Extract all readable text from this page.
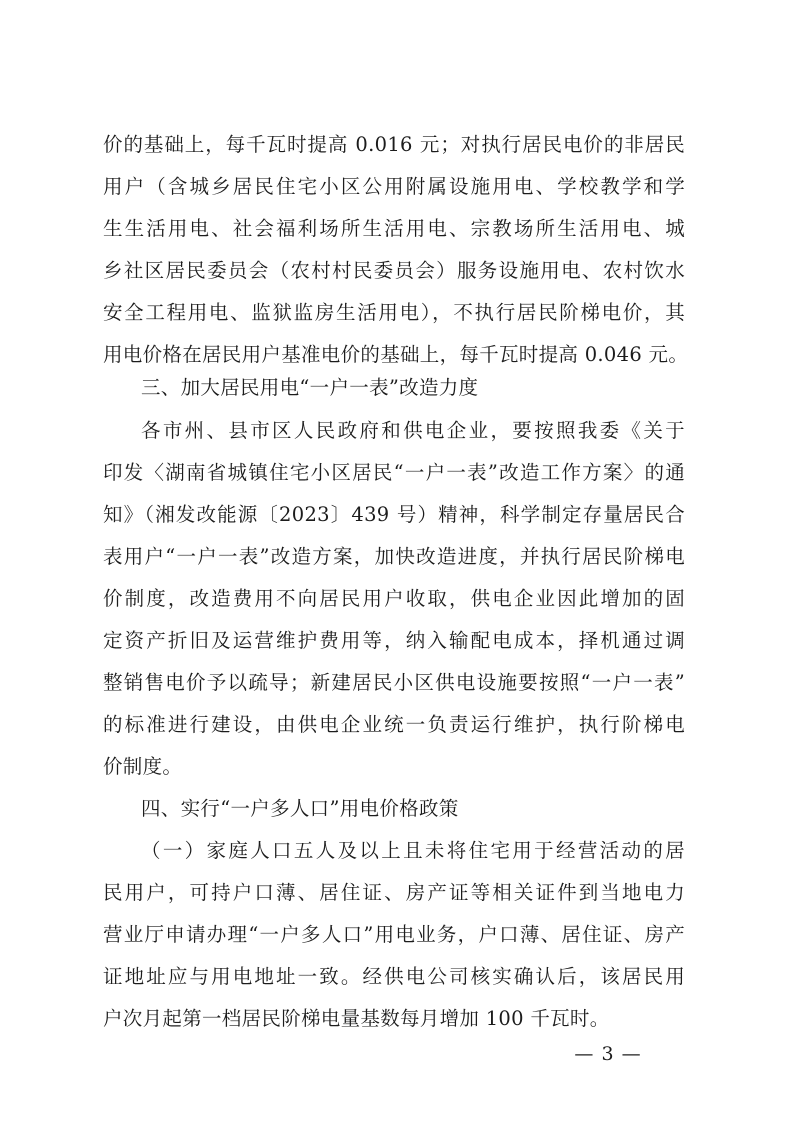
价的基础上，每千瓦时提高 0.016 元；对执行居民电价的非居民
用户（含城乡居民住宅小区公用附属设施用电、学校教学和学
生生活用电、社会福利场所生活用电、宗教场所生活用电、城
乡社区居民委员会（农村村民委员会）服务设施用电、农村饮水
安全工程用电、监狱监房生活用电），不执行居民阶梯电价，其
用电价格在居民用户基准电价的基础上，每千瓦时提高 0.046 元。
三、加大居民用电“一户一表”改造力度
各市州、县市区人民政府和供电企业，要按照我委《关于
印发〈湖南省城镇住宅小区居民“一户一表”改造工作方案〉的通
知》（湘发改能源〔2023〕439 号）精神，科学制定存量居民合
表用户“一户一表”改造方案，加快改造进度，并执行居民阶梯电
价制度，改造费用不向居民用户收取，供电企业因此增加的固
定资产折旧及运营维护费用等，纳入输配电成本，择机通过调
整销售电价予以疏导；新建居民小区供电设施要按照“一户一表”
的标准进行建设，由供电企业统一负责运行维护，执行阶梯电
价制度。
四、实行“一户多人口”用电价格政策
（一）家庭人口五人及以上且未将住宅用于经营活动的居
民用户，可持户口薄、居住证、房产证等相关证件到当地电力
营业厅申请办理“一户多人口”用电业务，户口薄、居住证、房产
证地址应与用电地址一致。经供电公司核实确认后，该居民用
户次月起第一档居民阶梯电量基数每月增加 100 千瓦时。
— 3 —
